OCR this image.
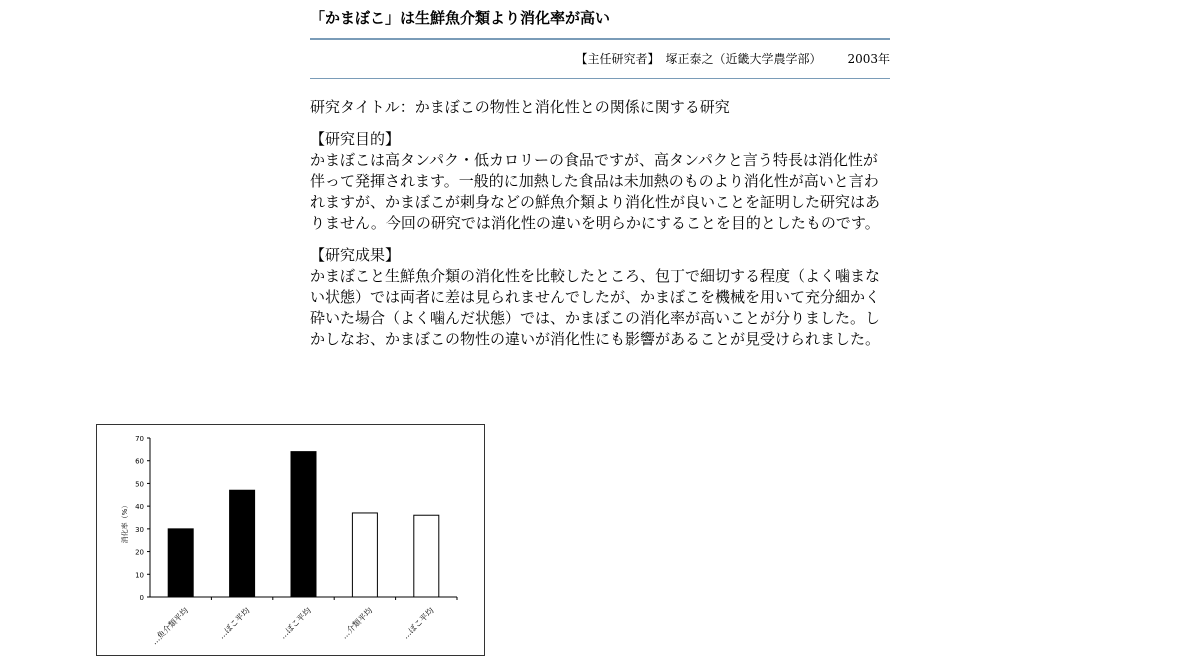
「かまぼこ」は生鮮魚介類より消化率が高い
【主任研究者】　塚正泰之（近畿大学農学部） 2003年

研究タイトル：かまぼこの物性と消化性との関係に関する研究

【研究目的】

かまぼこは高タンパク・低カロリーの食品ですが、高タンパクと言う特長は消化性が

伴って発揮されます。一般的に加熱した食品は未加熱のものより消化性が高いと言われますが、かまぼこが刺身などの鮮魚介類より消化性が良いことを証明した研究はありません。今回の研究では消化性の違いを明らかにすることを目的としたものです。

【研究成果】

かまぼこと生鮮魚介類の消化性を比較したところ、包丁で細切する程度（よく噛まない状態）では両者に差は見られませんでしたが、かまぼこを機械を用いて充分細かく砕いた場合（よく噛んだ状態）では、かまぼこの消化率が高いことが分りました。しかしなお、かまぼこの物性の違いが消化性にも影響があることが見受けられました。

0
10
20
30
40
50
60
70
消化率（%）
…魚介類平均	…ぼこ平均	…ぼこ平均	…介類平均	…ぼこ平均
